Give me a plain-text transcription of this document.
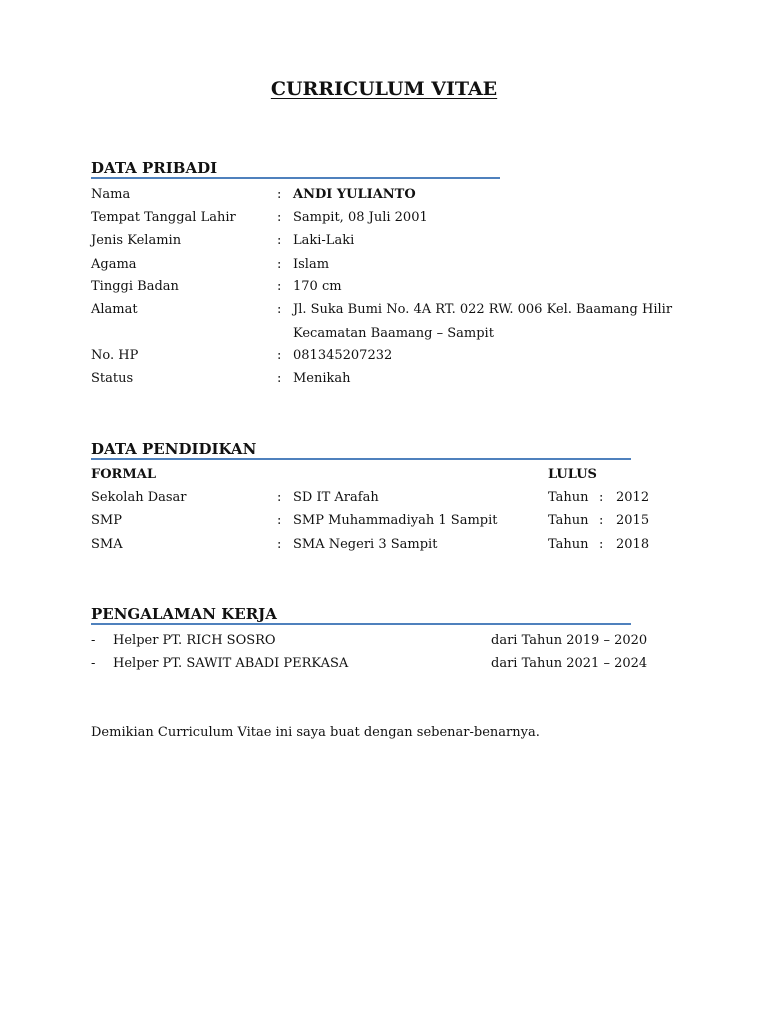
CURRICULUM VITAE
DATA PRIBADI
Nama	: ANDI YULIANTO
Tempat Tanggal Lahir	: Sampit, 08 Juli 2001
Jenis Kelamin	: Laki-Laki
Agama	: Islam
Tinggi Badan	: 170 cm
Alamat	: Jl. Suka Bumi No. 4A RT. 022 RW. 006 Kel. Baamang Hilir
Kecamatan Baamang – Sampit
No. HP	: 081345207232
Status	: Menikah
DATA PENDIDIKAN
FORMAL	LULUS
Sekolah Dasar	: SD IT Arafah	Tahun : 2012
SMP	: SMP Muhammadiyah 1 Sampit	Tahun : 2015
SMA	: SMA Negeri 3 Sampit	Tahun : 2018
PENGALAMAN KERJA
- Helper PT. RICH SOSRO	dari Tahun 2019 – 2020
- Helper PT. SAWIT ABADI PERKASA	dari Tahun 2021 – 2024

Demikian Curriculum Vitae ini saya buat dengan sebenar-benarnya.
